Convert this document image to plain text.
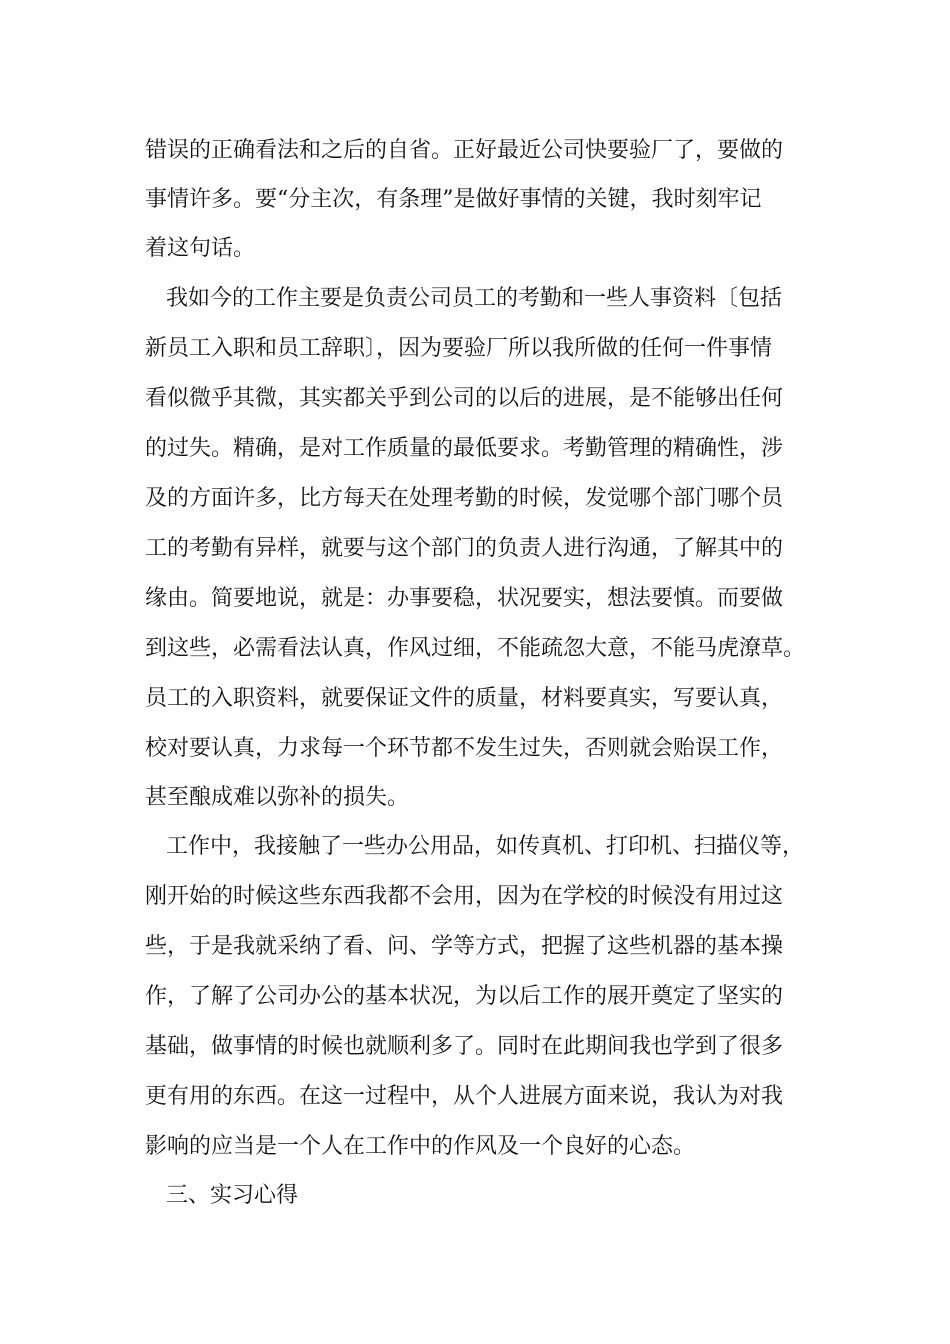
错误的正确看法和之后的自省。正好最近公司快要验厂了，要做的

事情许多。要“分主次，有条理”是做好事情的关键，我时刻牢记

着这句话。

我如今的工作主要是负责公司员工的考勤和一些人事资料〔包括

新员工入职和员工辞职〕，因为要验厂所以我所做的任何一件事情

看似微乎其微，其实都关乎到公司的以后的进展，是不能够出任何

的过失。精确，是对工作质量的最低要求。考勤管理的精确性，涉

及的方面许多，比方每天在处理考勤的时候，发觉哪个部门哪个员

工的考勤有异样，就要与这个部门的负责人进行沟通，了解其中的

缘由。简要地说，就是：办事要稳，状况要实，想法要慎。而要做

到这些，必需看法认真，作风过细，不能疏忽大意，不能马虎潦草。

员工的入职资料，就要保证文件的质量，材料要真实，写要认真，

校对要认真，力求每一个环节都不发生过失，否则就会贻误工作，

甚至酿成难以弥补的损失。

工作中，我接触了一些办公用品，如传真机、打印机、扫描仪等，

刚开始的时候这些东西我都不会用，因为在学校的时候没有用过这

些，于是我就采纳了看、问、学等方式，把握了这些机器的基本操

作，了解了公司办公的基本状况，为以后工作的展开奠定了坚实的

基础，做事情的时候也就顺利多了。同时在此期间我也学到了很多

更有用的东西。在这一过程中，从个人进展方面来说，我认为对我

影响的应当是一个人在工作中的作风及一个良好的心态。

三、实习心得
